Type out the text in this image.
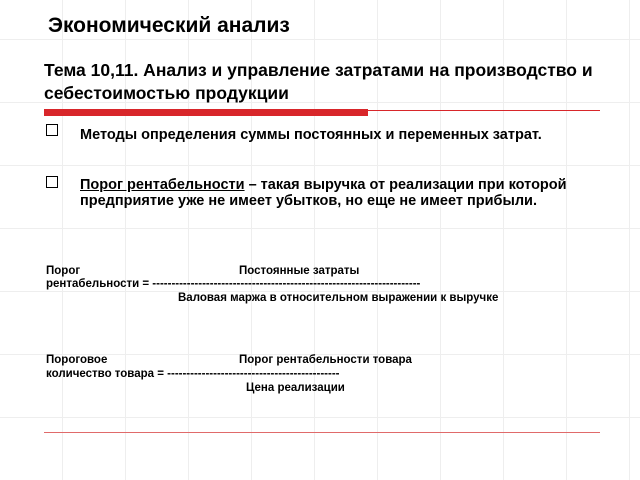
Экономический анализ
Тема 10,11. Анализ и управление затратами на производство и себестоимостью продукции
Методы определения суммы постоянных и переменных затрат.
Порог рентабельности – такая выручка от реализации при которой предприятие уже не имеет убытков, но еще не имеет прибыли.
Порог	Постоянные затраты
рентабельности = ----------------------------------------------------------------------
Валовая маржа в относительном выражении к выручке
Пороговое	Порог рентабельности товара
количество товара = ---------------------------------------------
Цена реализации
